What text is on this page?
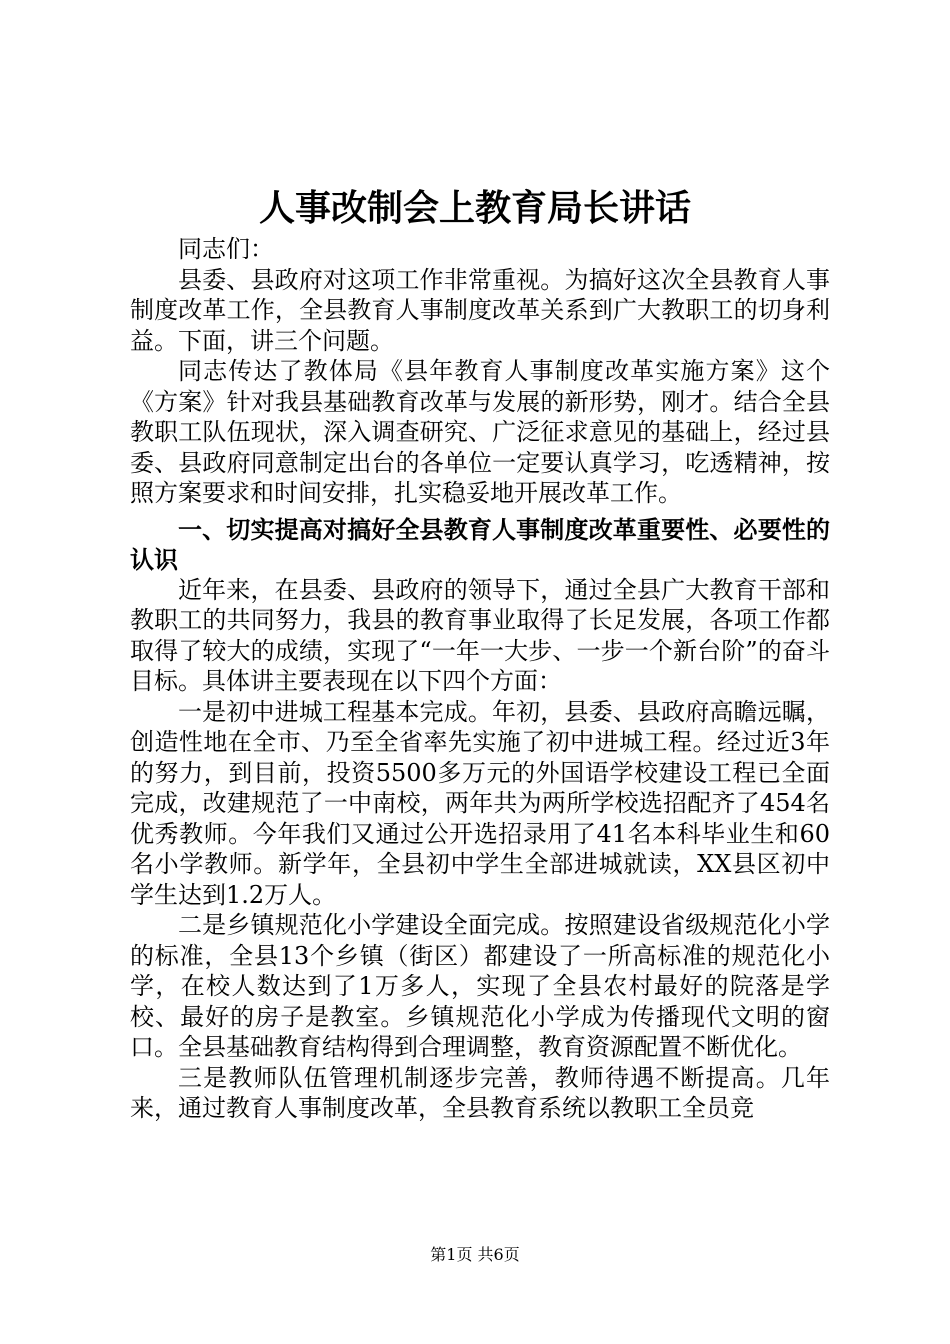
人事改制会上教育局长讲话

同志们：

县委、县政府对这项工作非常重视。为搞好这次全县教育人事制度改革工作，全县教育人事制度改革关系到广大教职工的切身利益。下面，讲三个问题。

同志传达了教体局《县年教育人事制度改革实施方案》这个《方案》针对我县基础教育改革与发展的新形势，刚才。结合全县教职工队伍现状，深入调查研究、广泛征求意见的基础上，经过县委、县政府同意制定出台的各单位一定要认真学习，吃透精神，按照方案要求和时间安排，扎实稳妥地开展改革工作。

一、切实提高对搞好全县教育人事制度改革重要性、必要性的认识

近年来，在县委、县政府的领导下，通过全县广大教育干部和教职工的共同努力，我县的教育事业取得了长足发展，各项工作都取得了较大的成绩，实现了“一年一大步、一步一个新台阶”的奋斗目标。具体讲主要表现在以下四个方面：

一是初中进城工程基本完成。年初，县委、县政府高瞻远瞩，创造性地在全市、乃至全省率先实施了初中进城工程。经过近3年的努力，到目前，投资5500多万元的外国语学校建设工程已全面完成，改建规范了一中南校，两年共为两所学校选招配齐了454名优秀教师。今年我们又通过公开选招录用了41名本科毕业生和60名小学教师。新学年，全县初中学生全部进城就读，XX县区初中学生达到1.2万人。

二是乡镇规范化小学建设全面完成。按照建设省级规范化小学的标准，全县13个乡镇（街区）都建设了一所高标准的规范化小学，在校人数达到了1万多人，实现了全县农村最好的院落是学校、最好的房子是教室。乡镇规范化小学成为传播现代文明的窗口。全县基础教育结构得到合理调整，教育资源配置不断优化。

三是教师队伍管理机制逐步完善，教师待遇不断提高。几年来，通过教育人事制度改革，全县教育系统以教职工全员竞

第1页 共6页
